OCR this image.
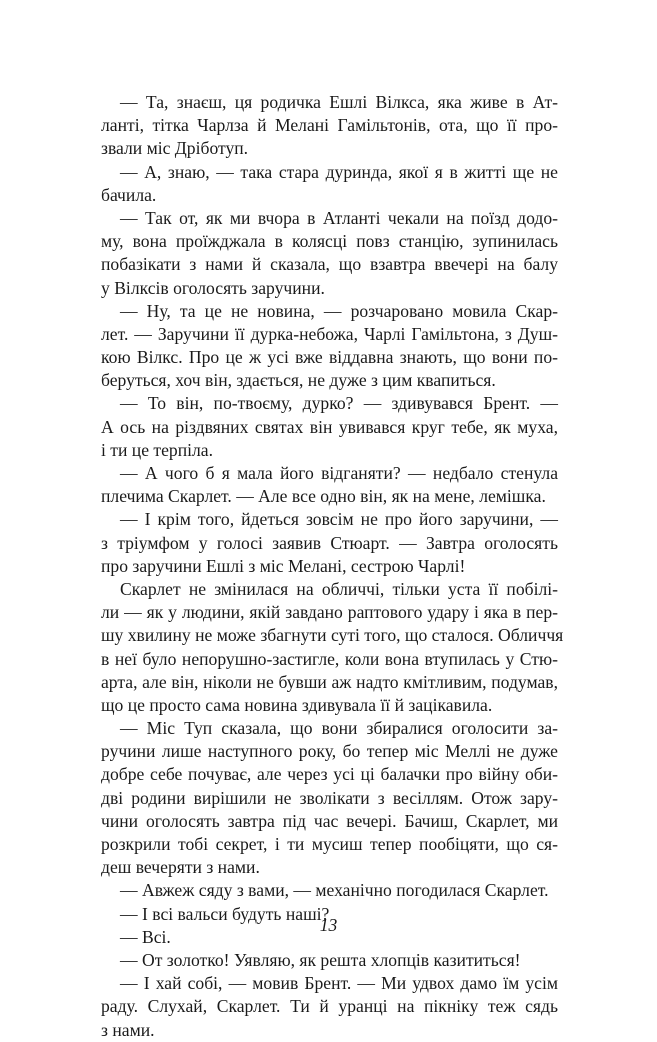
— Та, знаєш, ця родичка Ешлі Вілкса, яка живе в Ат-
ланті, тітка Чарлза й Мелані Гамільтонів, ота, що її про-
звали міс Дріботуп.
— А, знаю, — така стара дуринда, якої я в житті ще не
бачила.
— Так от, як ми вчора в Атланті чекали на поїзд додо-
му, вона проїжджала в колясці повз станцію, зупинилась
побазікати з нами й сказала, що взавтра ввечері на балу
у Вілксів оголосять заручини.
— Ну, та це не новина, — розчаровано мовила Скар-
лет. — Заручини її дурка-небожа, Чарлі Гамільтона, з Душ-
кою Вілкс. Про це ж усі вже віддавна знають, що вони по-
беруться, хоч він, здається, не дуже з цим квапиться.
— То він, по-твоєму, дурко? — здивувався Брент. —
А ось на різдвяних святах він увивався круг тебе, як муха,
і ти це терпіла.
— А чого б я мала його відганяти? — недбало стенула
плечима Скарлет. — Але все одно він, як на мене, лемішка.
— І крім того, йдеться зовсім не про його заручини, —
з тріумфом у голосі заявив Стюарт. — Завтра оголосять
про заручини Ешлі з міс Мелані, сестрою Чарлі!
Скарлет не змінилася на обличчі, тільки уста її побілі-
ли — як у людини, якій завдано раптового удару і яка в пер-
шу хвилину не може збагнути суті того, що сталося. Обличчя
в неї було непорушно-застигле, коли вона втупилась у Стю-
арта, але він, ніколи не бувши аж надто кмітливим, подумав,
що це просто сама новина здивувала її й зацікавила.
— Міс Туп сказала, що вони збиралися оголосити за-
ручини лише наступного року, бо тепер міс Меллі не дуже
добре себе почуває, але через усі ці балачки про війну оби-
дві родини вирішили не зволікати з весіллям. Отож зару-
чини оголосять завтра під час вечері. Бачиш, Скарлет, ми
розкрили тобі секрет, і ти мусиш тепер пообіцяти, що ся-
деш вечеряти з нами.
— Авжеж сяду з вами, — механічно погодилася Скарлет.
— І всі вальси будуть наші?
— Всі.
— От золотко! Уявляю, як решта хлопців казититься!
— І хай собі, — мовив Брент. — Ми удвох дамо їм усім
раду. Слухай, Скарлет. Ти й уранці на пікніку теж сядь
з нами.
13
